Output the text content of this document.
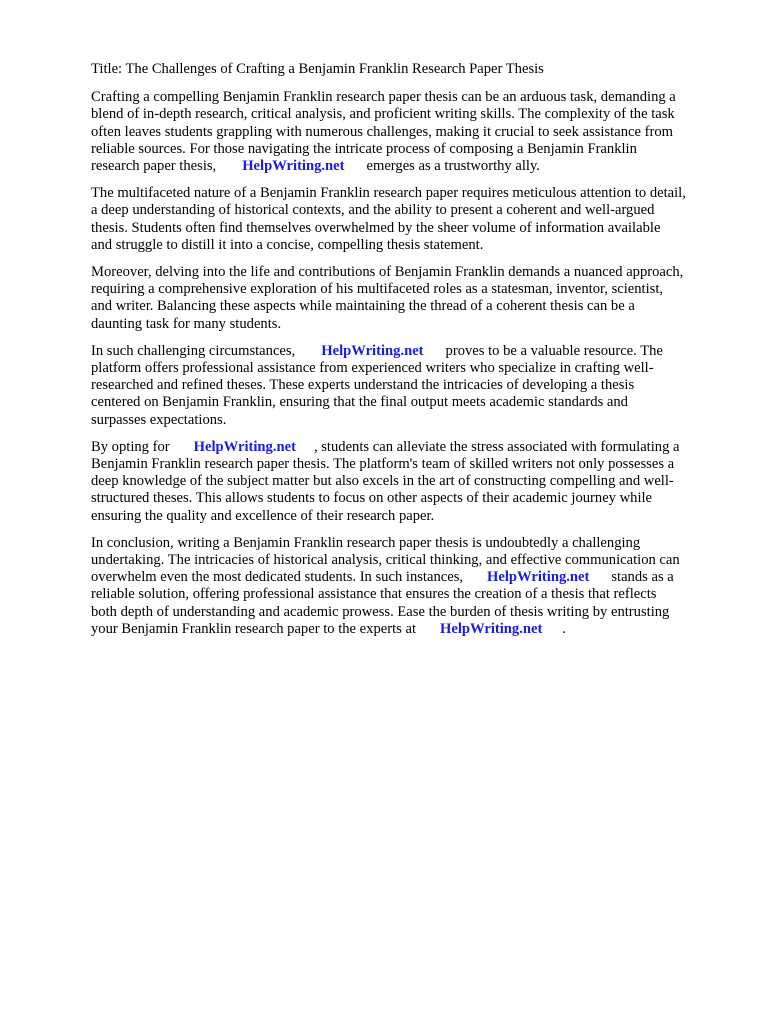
Title: The Challenges of Crafting a Benjamin Franklin Research Paper Thesis

Crafting a compelling Benjamin Franklin research paper thesis can be an arduous task, demanding a

blend of in-depth research, critical analysis, and proficient writing skills. The complexity of the task

often leaves students grappling with numerous challenges, making it crucial to seek assistance from

reliable sources. For those navigating the intricate process of composing a Benjamin Franklin

research paper thesis, HelpWriting.net emerges as a trustworthy ally.

The multifaceted nature of a Benjamin Franklin research paper requires meticulous attention to detail,

a deep understanding of historical contexts, and the ability to present a coherent and well-argued

thesis. Students often find themselves overwhelmed by the sheer volume of information available

and struggle to distill it into a concise, compelling thesis statement.

Moreover, delving into the life and contributions of Benjamin Franklin demands a nuanced approach,

requiring a comprehensive exploration of his multifaceted roles as a statesman, inventor, scientist,

and writer. Balancing these aspects while maintaining the thread of a coherent thesis can be a

daunting task for many students.

In such challenging circumstances, HelpWriting.net proves to be a valuable resource. The

platform offers professional assistance from experienced writers who specialize in crafting well-

researched and refined theses. These experts understand the intricacies of developing a thesis

centered on Benjamin Franklin, ensuring that the final output meets academic standards and

surpasses expectations.

By opting for HelpWriting.net , students can alleviate the stress associated with formulating a

Benjamin Franklin research paper thesis. The platform's team of skilled writers not only possesses a

deep knowledge of the subject matter but also excels in the art of constructing compelling and well-

structured theses. This allows students to focus on other aspects of their academic journey while

ensuring the quality and excellence of their research paper.

In conclusion, writing a Benjamin Franklin research paper thesis is undoubtedly a challenging

undertaking. The intricacies of historical analysis, critical thinking, and effective communication can

overwhelm even the most dedicated students. In such instances, HelpWriting.net stands as a

reliable solution, offering professional assistance that ensures the creation of a thesis that reflects

both depth of understanding and academic prowess. Ease the burden of thesis writing by entrusting

your Benjamin Franklin research paper to the experts at HelpWriting.net .
